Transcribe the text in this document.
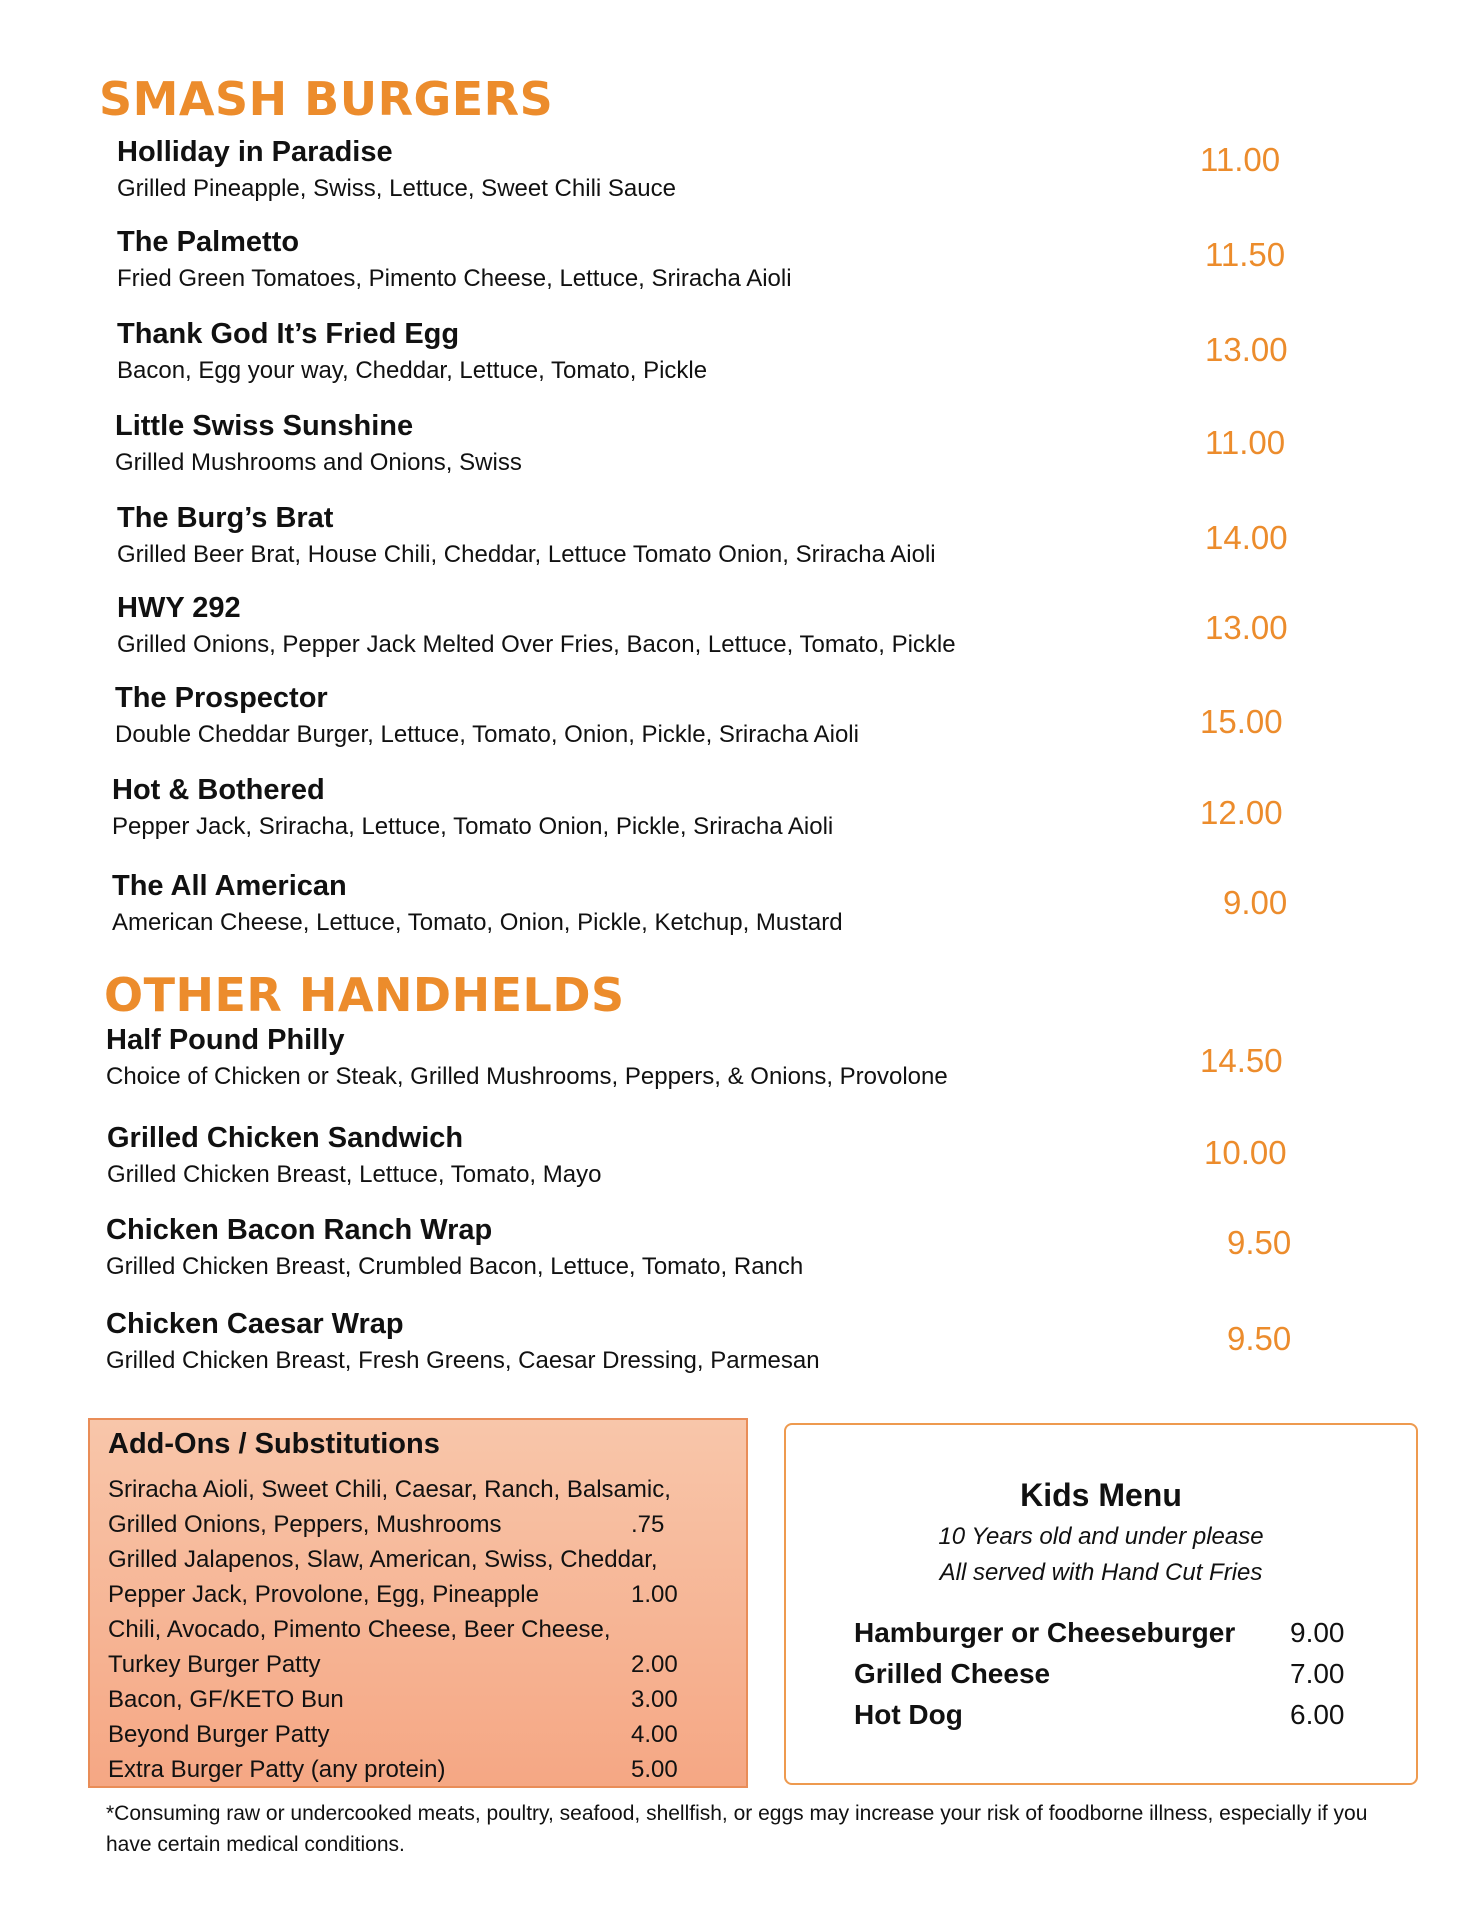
SMASH BURGERS
Holliday in Paradise
Grilled Pineapple, Swiss, Lettuce, Sweet Chili Sauce
11.00
The Palmetto
Fried Green Tomatoes, Pimento Cheese, Lettuce, Sriracha Aioli
11.50
Thank God It’s Fried Egg
Bacon, Egg your way, Cheddar, Lettuce, Tomato, Pickle
13.00
Little Swiss Sunshine
Grilled Mushrooms and Onions, Swiss
11.00
The Burg’s Brat
Grilled Beer Brat, House Chili, Cheddar, Lettuce Tomato Onion, Sriracha Aioli	14.00
HWY 292
Grilled Onions, Pepper Jack Melted Over Fries, Bacon, Lettuce, Tomato, Pickle	13.00
The Prospector
Double Cheddar Burger, Lettuce, Tomato, Onion, Pickle, Sriracha Aioli	15.00
Hot & Bothered
Pepper Jack, Sriracha, Lettuce, Tomato Onion, Pickle, Sriracha Aioli	12.00
The All American
American Cheese, Lettuce, Tomato, Onion, Pickle, Ketchup, Mustard
9.00
OTHER HANDHELDS
Half Pound Philly
Choice of Chicken or Steak, Grilled Mushrooms, Peppers, & Onions, Provolone	14.50
Grilled Chicken Sandwich
Grilled Chicken Breast, Lettuce, Tomato, Mayo
10.00
Chicken Bacon Ranch Wrap
Grilled Chicken Breast, Crumbled Bacon, Lettuce, Tomato, Ranch
9.50
Chicken Caesar Wrap
Grilled Chicken Breast, Fresh Greens, Caesar Dressing, Parmesan
9.50
Add-Ons / Substitutions
Sriracha Aioli, Sweet Chili, Caesar, Ranch, Balsamic,
Grilled Onions, Peppers, Mushrooms	.75
Grilled Jalapenos, Slaw, American, Swiss, Cheddar,
Pepper Jack, Provolone, Egg, Pineapple	1.00
Chili, Avocado, Pimento Cheese, Beer Cheese,
Turkey Burger Patty	2.00
Bacon, GF/KETO Bun	3.00
Beyond Burger Patty	4.00
Extra Burger Patty (any protein)	5.00
Kids Menu
10 Years old and under please
All served with Hand Cut Fries
Hamburger or Cheeseburger 9.00
Grilled Cheese	7.00
Hot Dog	6.00
*Consuming raw or undercooked meats, poultry, seafood, shellfish, or eggs may increase your risk of foodborne illness, especially if you have certain medical conditions.
